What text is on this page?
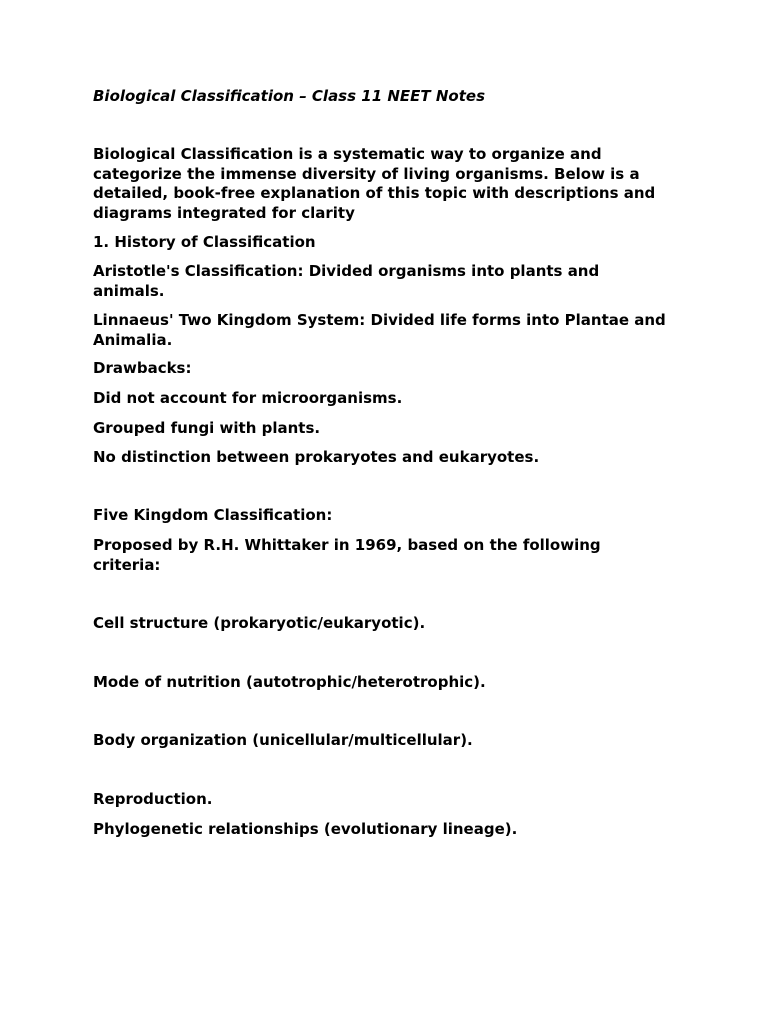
Biological Classification – Class 11 NEET Notes
Biological Classification is a systematic way to organize and categorize the immense diversity of living organisms. Below is a detailed, book-free explanation of this topic with descriptions and diagrams integrated for clarity
1. History of Classification
Aristotle's Classification: Divided organisms into plants and animals.
Linnaeus' Two Kingdom System: Divided life forms into Plantae and Animalia.
Drawbacks:
Did not account for microorganisms.
Grouped fungi with plants.
No distinction between prokaryotes and eukaryotes.
Five Kingdom Classification:
Proposed by R.H. Whittaker in 1969, based on the following criteria:
Cell structure (prokaryotic/eukaryotic).
Mode of nutrition (autotrophic/heterotrophic).
Body organization (unicellular/multicellular).
Reproduction.
Phylogenetic relationships (evolutionary lineage).
